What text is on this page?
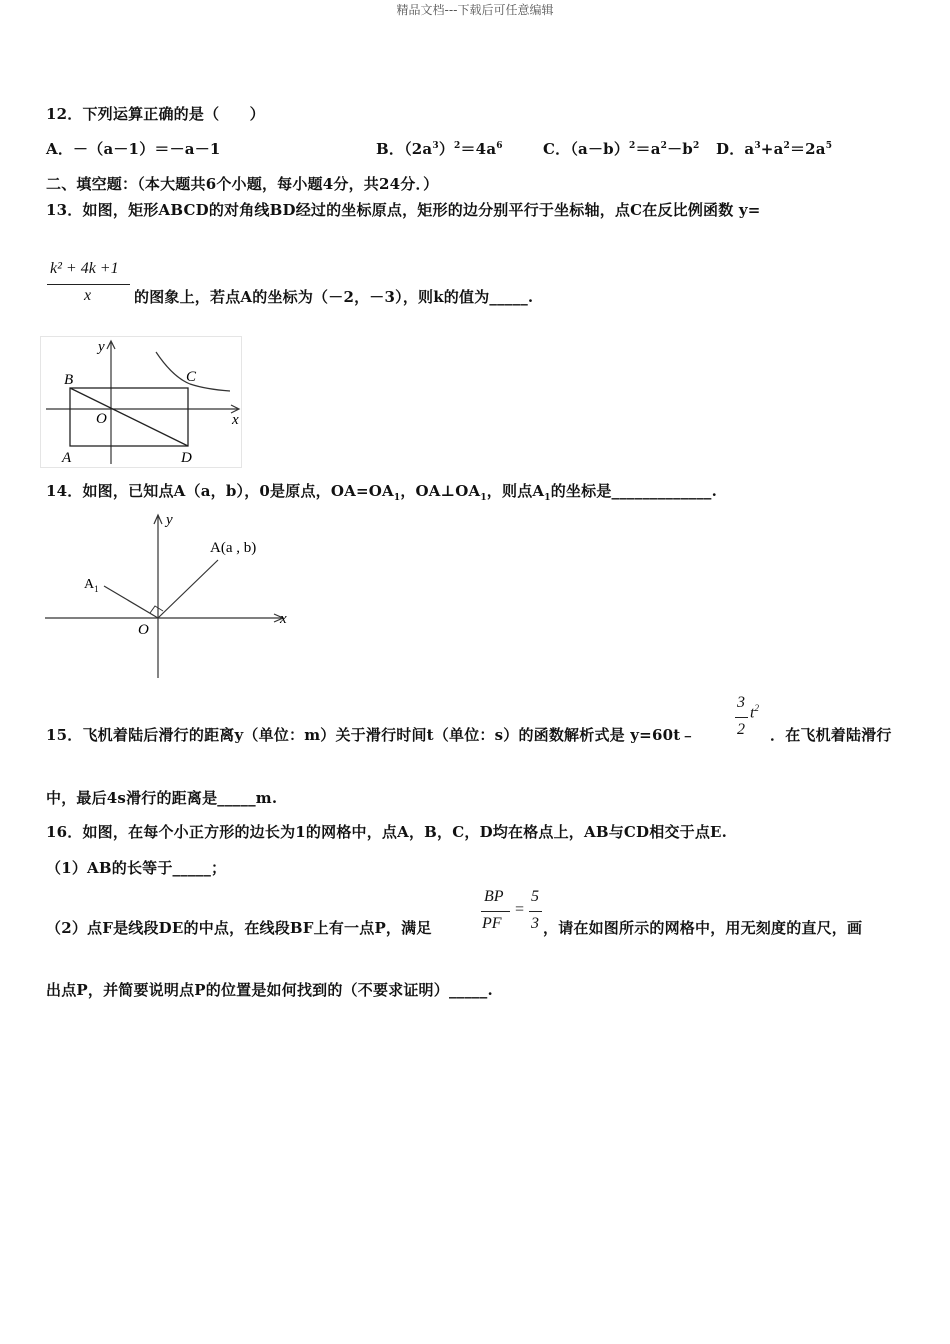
精品文档---下载后可任意编辑
12．下列运算正确的是（　　）
A．－（a－1）＝－a－1	B．$(2a^3)^2=4a^6$	C．$(a-b)^2=a^2-b^2$ D．$a^3+a^2=2a^5$
二、填空题：（本大题共6个小题，每小题4分，共24分．）
13．如图，矩形ABCD的对角线BD经过的坐标原点，矩形的边分别平行于坐标轴，点C在反比例函数 y=
k² + 4k +1
x	的图象上，若点A的坐标为（－2，－3），则k的值为_____.
y
x
O
A
B	C
D
14．如图，已知点A（a，b），0是原点，$OA=OA_1$，$OA\perp OA_1$，则点$A_1$的坐标是_____________.
y
x
O
A(a , b)
$A_1$
15．飞机着陆后滑行的距离y（单位：m）关于滑行时间t（单位：s）的函数解析式是 y=60t﹣
3
2
$t^2$
．在飞机着陆滑行
中，最后4s滑行的距离是_____m.
16．如图，在每个小正方形的边长为1的网格中，点A，B，C，D均在格点上，AB与CD相交于点E.
（1）AB的长等于_____；
（2）点F是线段DE的中点，在线段BF上有一点P，满足
BP
PF
=
5
3 ，请在如图所示的网格中，用无刻度的直尺，画
出点P，并简要说明点P的位置是如何找到的（不要求证明）_____.
